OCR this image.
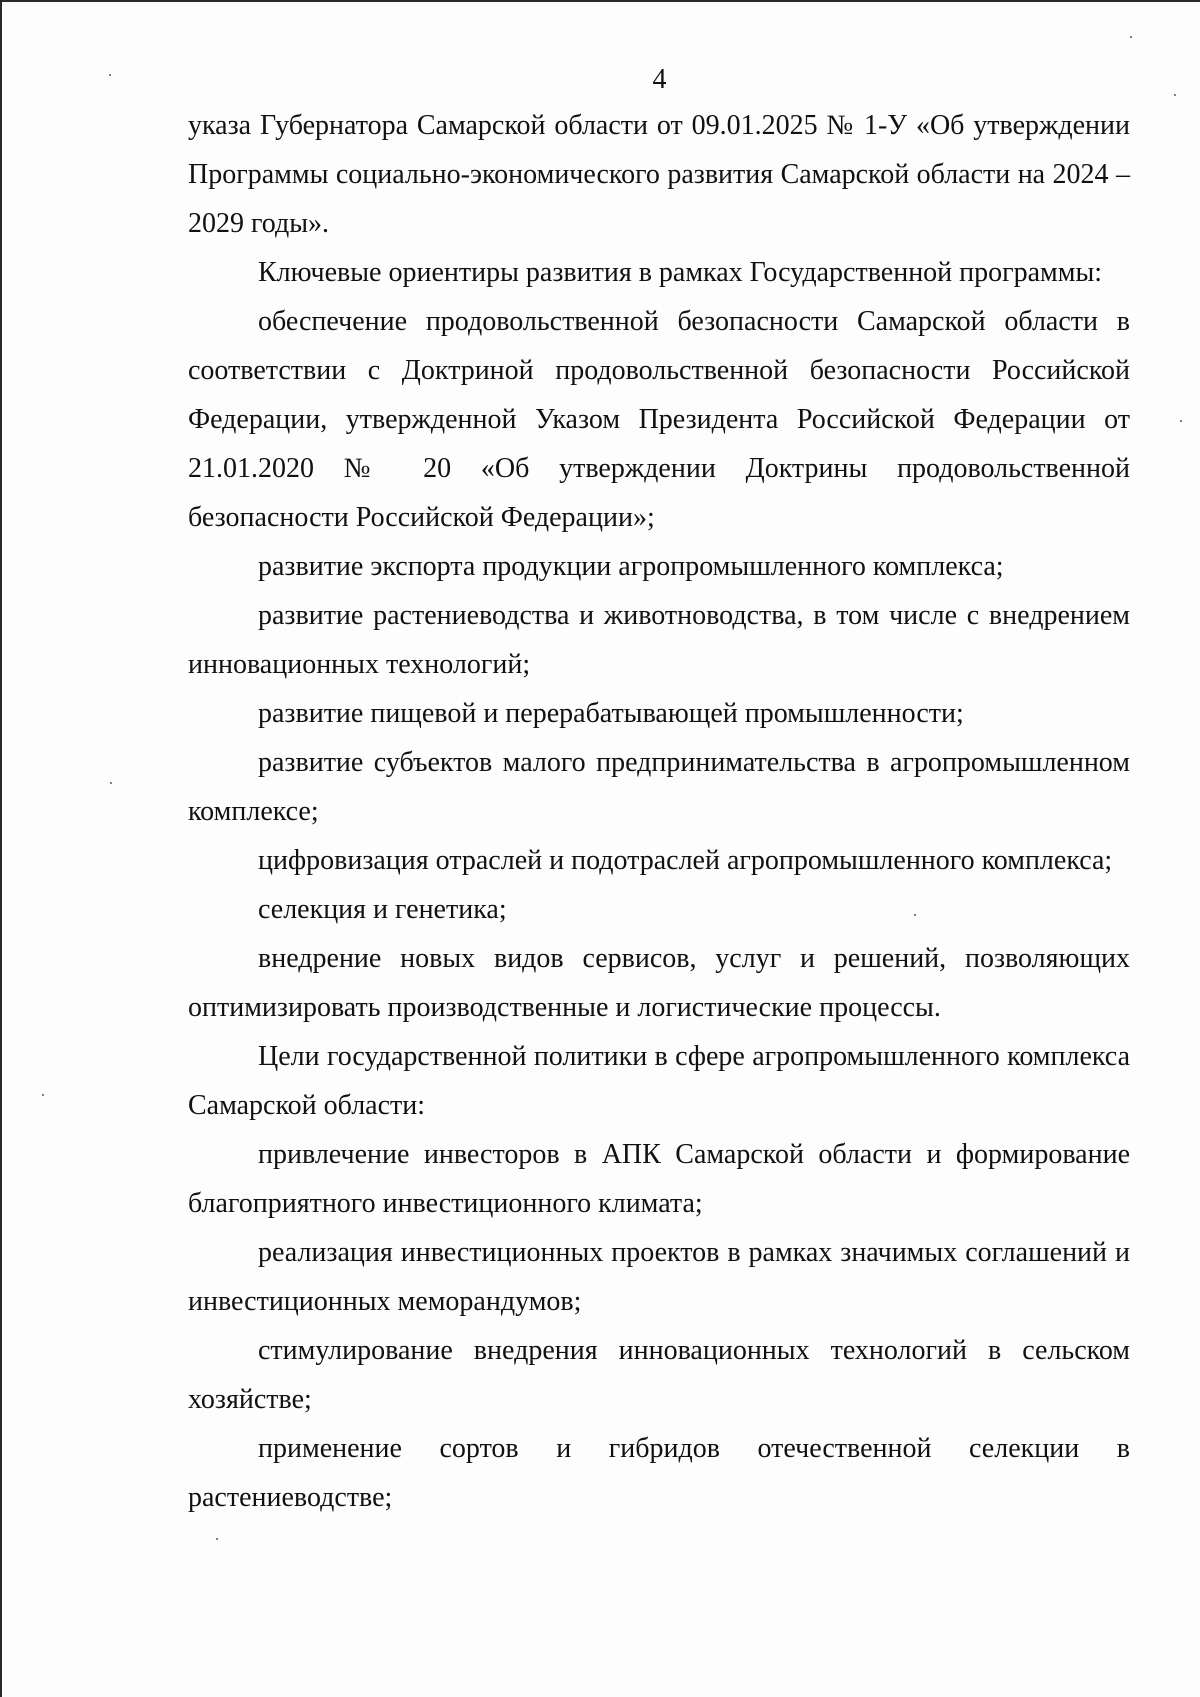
4

указа Губернатора Самарской области от 09.01.2025 № 1-У «Об утверждении Программы социально-экономического развития Самарской области на 2024 – 2029 годы».

Ключевые ориентиры развития в рамках Государственной программы:

обеспечение продовольственной безопасности Самарской области в соответствии с Доктриной продовольственной безопасности Российской Федерации, утвержденной Указом Президента Российской Федерации от 21.01.2020 № 20 «Об утверждении Доктрины продовольственной безопасности Российской Федерации»;

развитие экспорта продукции агропромышленного комплекса;

развитие растениеводства и животноводства, в том числе с внедрением инновационных технологий;

развитие пищевой и перерабатывающей промышленности;

развитие субъектов малого предпринимательства в агропромышленном комплексе;

цифровизация отраслей и подотраслей агропромышленного комплекса;

селекция и генетика;

внедрение новых видов сервисов, услуг и решений, позволяющих оптимизировать производственные и логистические процессы.

Цели государственной политики в сфере агропромышленного комплекса Самарской области:

привлечение инвесторов в АПК Самарской области и формирование благоприятного инвестиционного климата;

реализация инвестиционных проектов в рамках значимых соглашений и инвестиционных меморандумов;

стимулирование внедрения инновационных технологий в сельском хозяйстве;

применение сортов и гибридов отечественной селекции в растениеводстве;
